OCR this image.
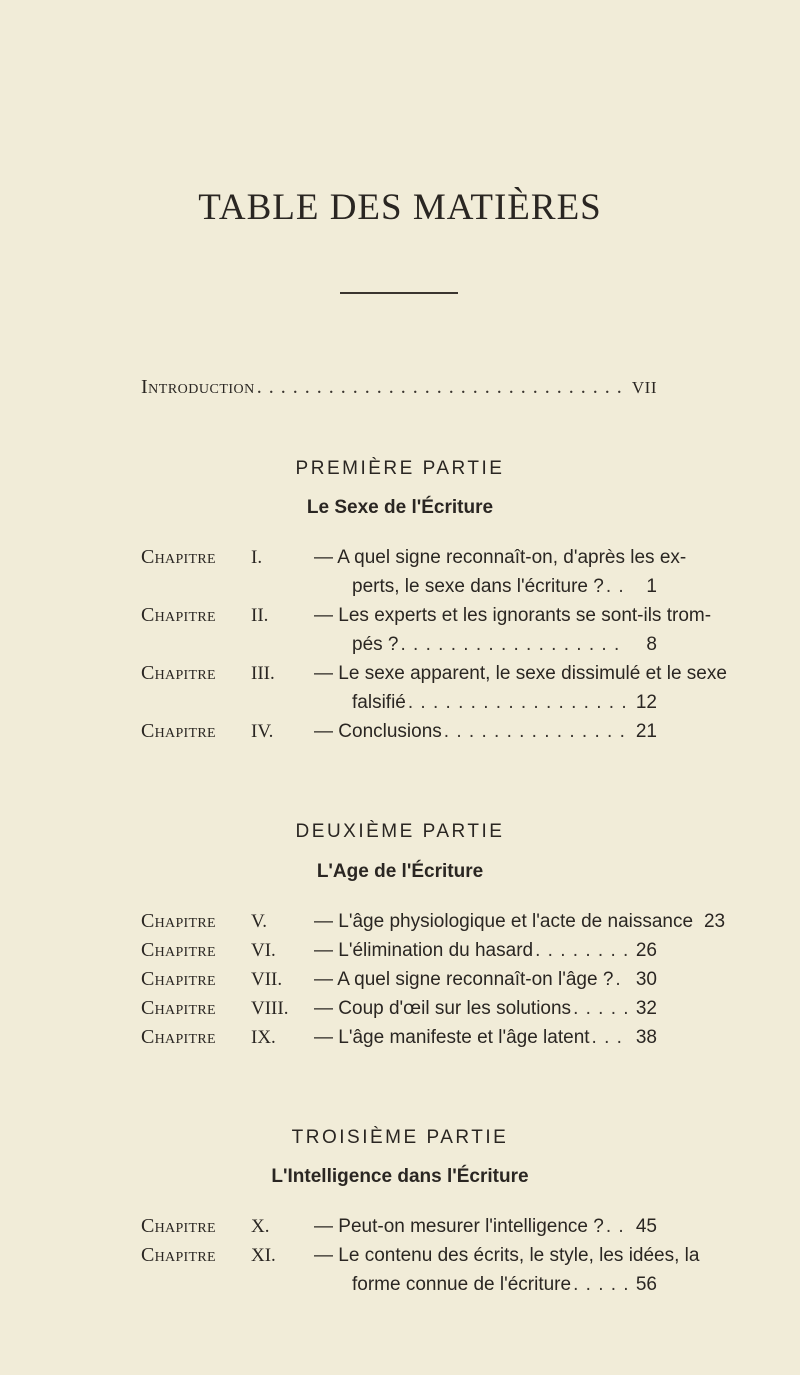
TABLE DES MATIÈRES
Introduction . . .	VII
PREMIÈRE PARTIE
Le Sexe de l'Écriture
Chapitre	I.	— A quel signe reconnaît-on, d'après les ex-
perts, le sexe dans l'écriture ? . . .	1
Chapitre	II. — Les experts et les ignorants se sont-ils trom-
pés ? . . .	8
Chapitre	III. — Le sexe apparent, le sexe dissimulé et le sexe
falsifié . . .	12
Chapitre	IV. — Conclusions . . .	21
DEUXIÈME PARTIE
L'Age de l'Écriture
Chapitre	V. — L'âge physiologique et l'acte de naissance 23
Chapitre	VI. — L'élimination du hasard . . .	26
Chapitre	VII. — A quel signe reconnaît-on l'âge ? . . . 30
Chapitre	VIII. — Coup d'œil sur les solutions . . .	32
Chapitre	IX. — L'âge manifeste et l'âge latent . . . 38
TROISIÈME PARTIE
L'Intelligence dans l'Écriture
Chapitre	X. — Peut-on mesurer l'intelligence ? . . . 45
Chapitre	XI. — Le contenu des écrits, le style, les idées, la
forme connue de l'écriture . . .	56
